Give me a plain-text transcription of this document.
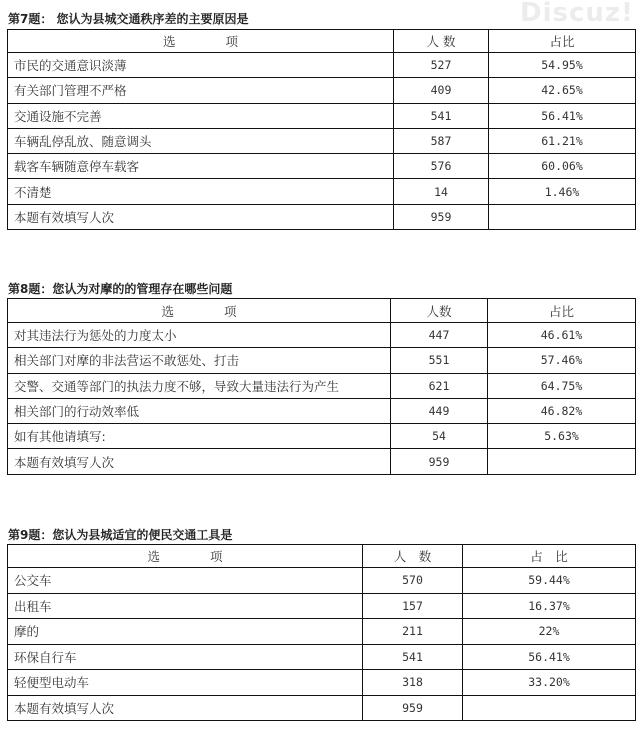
Discuz!
第7题： 您认为县城交通秩序差的主要原因是
选　　　　项	人 数	占比
市民的交通意识淡薄	527	54.95%
有关部门管理不严格	409	42.65%
交通设施不完善	541	56.41%
车辆乱停乱放、随意调头	587	61.21%
载客车辆随意停车载客	576	60.06%
不清楚	14	1.46%
本题有效填写人次	959	
第8题：您认为对摩的的管理存在哪些问题
选　　　　项	人数	占比
对其违法行为惩处的力度太小	447	46.61%
相关部门对摩的非法营运不敢惩处、打击	551	57.46%
交警、交通等部门的执法力度不够，导致大量违法行为产生	621	64.75%
相关部门的行动效率低	449	46.82%
如有其他请填写:	54	5.63%
本题有效填写人次	959	
第9题：您认为县城适宜的便民交通工具是
选　　　　项	人　数	占　比
公交车	570	59.44%
出租车	157	16.37%
摩的	211	22%
环保自行车	541	56.41%
轻便型电动车	318	33.20%
本题有效填写人次	959	
